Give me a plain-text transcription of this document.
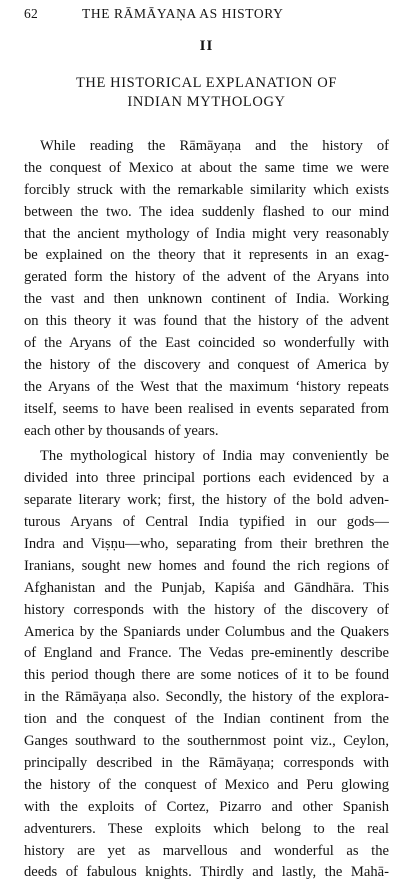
62	THE RĀMĀYAṆA AS HISTORY
II
THE HISTORICAL EXPLANATION OF
INDIAN MYTHOLOGY
While reading the Rāmāyaṇa and the history of
the conquest of Mexico at about the same time we were
forcibly struck with the remarkable similarity which exists
between the two. The idea suddenly flashed to our mind
that the ancient mythology of India might very reasonably
be explained on the theory that it represents in an exag-
gerated form the history of the advent of the Aryans into
the vast and then unknown continent of India. Working
on this theory it was found that the history of the advent
of the Aryans of the East coincided so wonderfully with
the history of the discovery and conquest of America by
the Aryans of the West that the maximum ‘history repeats
itself, seems to have been realised in events separated from
each other by thousands of years.
The mythological history of India may conveniently be
divided into three principal portions each evidenced by a
separate literary work; first, the history of the bold adven-
turous Aryans of Central India typified in our gods—
Indra and Viṣṇu—who, separating from their brethren the
Iranians, sought new homes and found the rich regions of
Afghanistan and the Punjab, Kapiśa and Gāndhāra. This
history corresponds with the history of the discovery of
America by the Spaniards under Columbus and the Quakers
of England and France. The Vedas pre-eminently describe
this period though there are some notices of it to be found
in the Rāmāyaṇa also. Secondly, the history of the explora-
tion and the conquest of the Indian continent from the
Ganges southward to the southernmost point viz., Ceylon,
principally described in the Rāmāyaṇa; corresponds with
the history of the conquest of Mexico and Peru glowing
with the exploits of Cortez, Pizarro and other Spanish
adventurers. These exploits which belong to the real
history are yet as marvellous and wonderful as the
deeds of fabulous knights. Thirdly and lastly, the Mahā-
